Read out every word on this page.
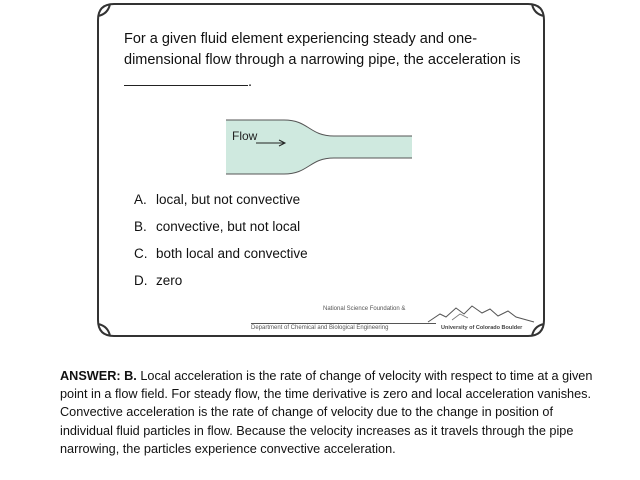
For a given fluid element experiencing steady and one-dimensional flow through a narrowing pipe, the acceleration is .
Flow
A. local, but not convective
B. convective, but not local
C. both local and convective
D. zero
National Science Foundation &
Department of Chemical and Biological Engineering	University of Colorado Boulder
ANSWER: B. Local acceleration is the rate of change of velocity with respect to time at a given point in a flow field. For steady flow, the time derivative is zero and local acceleration vanishes. Convective acceleration is the rate of change of velocity due to the change in position of individual fluid particles in flow. Because the velocity increases as it travels through the pipe narrowing, the particles experience convective acceleration.
